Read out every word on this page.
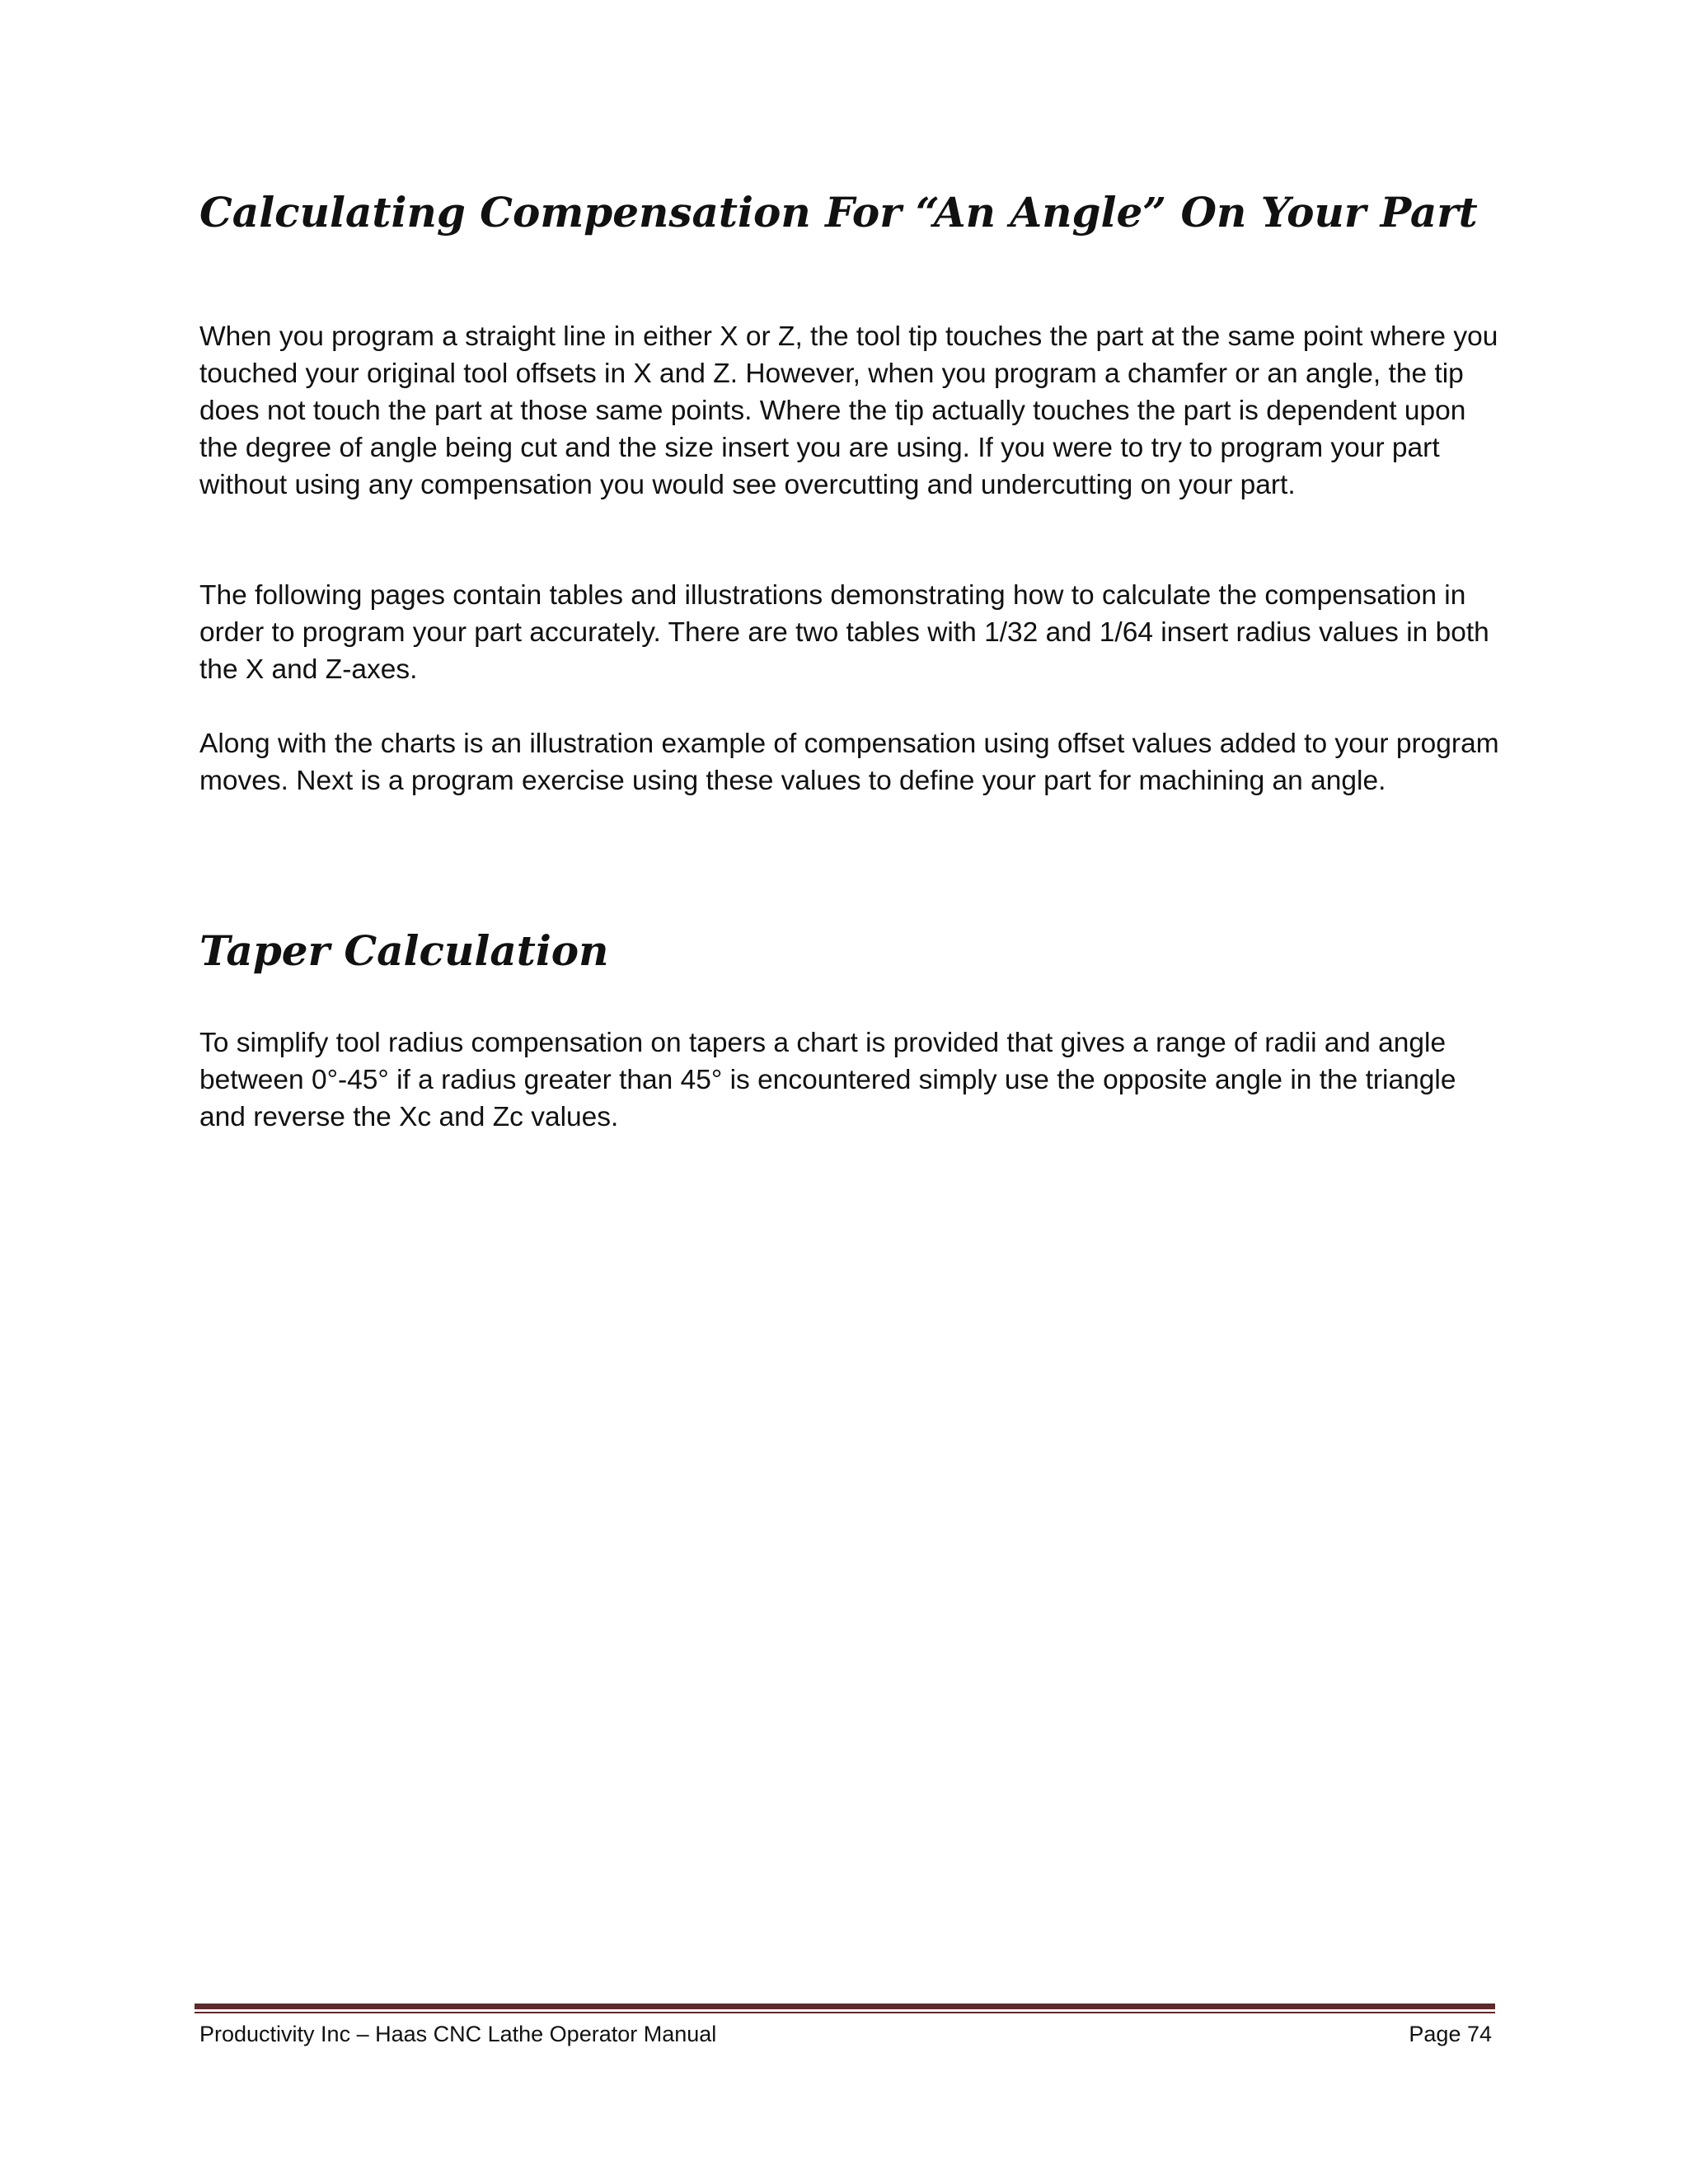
Calculating Compensation For “An Angle” On Your Part

When you program a straight line in either X or Z, the tool tip touches the part at the same point where you touched your original tool offsets in X and Z. However, when you program a chamfer or an angle, the tip does not touch the part at those same points. Where the tip actually touches the part is dependent upon the degree of angle being cut and the size insert you are using. If you were to try to program your part without using any compensation you would see overcutting and undercutting on your part.

The following pages contain tables and illustrations demonstrating how to calculate the compensation in order to program your part accurately. There are two tables with 1/32 and 1/64 insert radius values in both the X and Z-axes.

Along with the charts is an illustration example of compensation using offset values added to your program moves. Next is a program exercise using these values to define your part for machining an angle.

Taper Calculation

To simplify tool radius compensation on tapers a chart is provided that gives a range of radii and angle between 0°-45° if a radius greater than 45° is encountered simply use the opposite angle in the triangle and reverse the Xc and Zc values.

Productivity Inc – Haas CNC Lathe Operator Manual	Page 74
